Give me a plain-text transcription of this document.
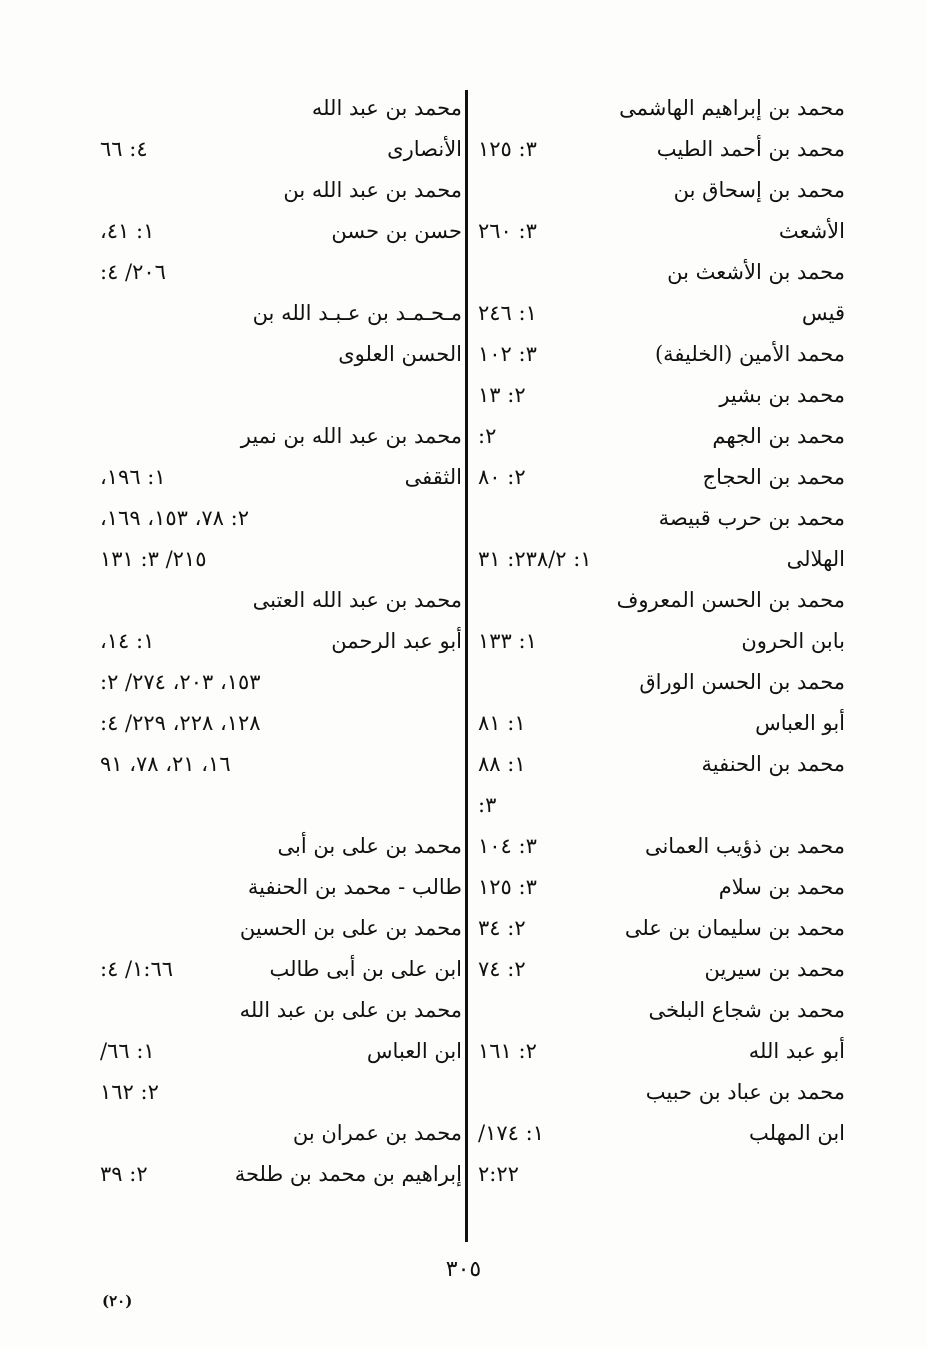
محمد بن إبراهيم الهاشمى
محمد بن أحمد الطيب
٣: ١٢٥
محمد بن إسحاق بن
الأشعث
٣: ٢٦٠
محمد بن الأشعث بن
قيس
١: ٢٤٦
محمد الأمين (الخليفة)
٣: ١٠٢
محمد بن بشير
٢: ١٣
محمد بن الجهم
٢:
محمد بن الحجاج
٢: ٨٠
محمد بن حرب قبيصة
الهلالى
١: ٢٣٨/٢: ٣١
محمد بن الحسن المعروف
بابن الحرون
١: ١٣٣
محمد بن الحسن الوراق
أبو العباس
١: ٨١
محمد بن الحنفية
١: ٨٨
٣:
محمد بن ذؤيب العمانى
٣: ١٠٤
محمد بن سلام
٣: ١٢٥
محمد بن سليمان بن على
٢: ٣٤
محمد بن سيرين
٢: ٧٤
محمد بن شجاع البلخى
أبو عبد الله
٢: ١٦١
محمد بن عباد بن حبيب
ابن المهلب
١: ١٧٤/
٢:٢٢
محمد بن عبد الله
الأنصارى
٤: ٦٦
محمد بن عبد الله بن
حسن بن حسن
١: ٤١،
٢٠٦/ ٤:
مـحـمـد بن عـبـد الله بن
الحسن العلوى
محمد بن عبد الله بن نمير
الثقفى
١: ١٩٦،
٢: ٧٨، ١٥٣، ١٦٩،
٢١٥/ ٣: ١٣١
محمد بن عبد الله العتبى
أبو عبد الرحمن
١: ١٤،
١٥٣، ٢٠٣، ٢٧٤/ ٢:
١٢٨، ٢٢٨، ٢٢٩/ ٤:
١٦، ٢١، ٧٨، ٩١
محمد بن على بن أبى
طالب - محمد بن الحنفية
محمد بن على بن الحسين
ابن على بن أبى طالب
١:٦٦/ ٤:
محمد بن على بن عبد الله
ابن العباس
١: ٦٦/
٢: ١٦٢
محمد بن عمران بن
إبراهيم بن محمد بن طلحة
٢: ٣٩
٣٠٥
(٢٠)
